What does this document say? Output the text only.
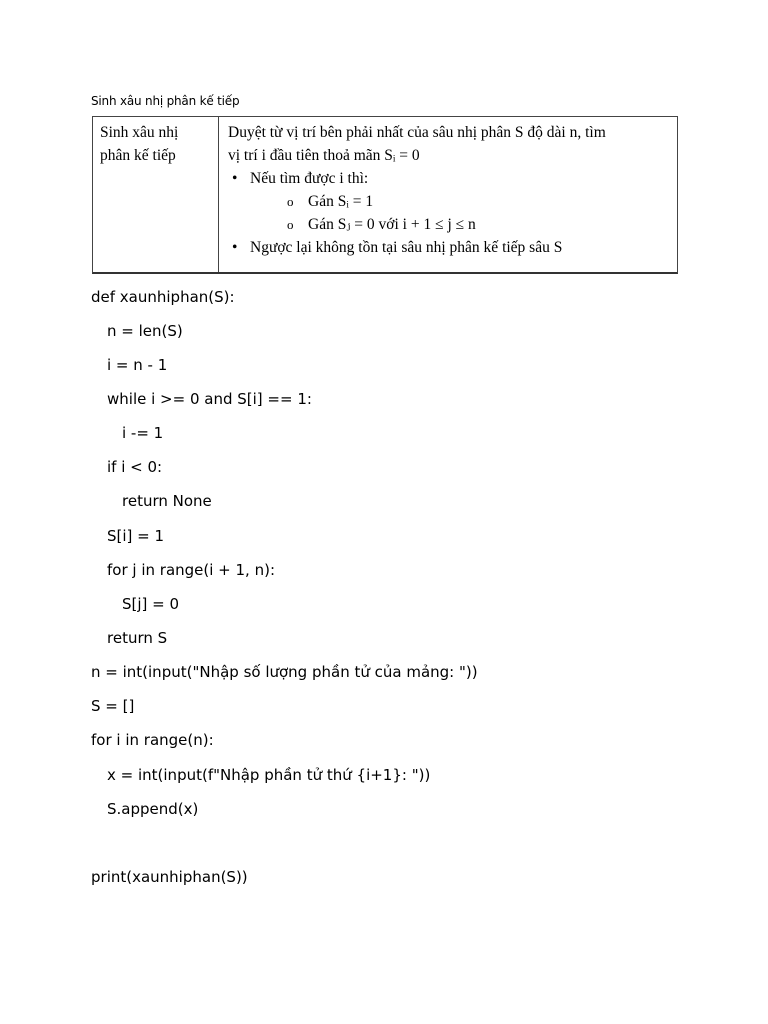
Sinh xâu nhị phân kế tiếp
Sinh xâu nhị
phân kế tiếp
Duyệt từ vị trí bên phải nhất của sâu nhị phân S độ dài n, tìm
vị trí i đầu tiên thoả mãn Sᵢ = 0
• Nếu tìm được i thì:
o Gán Sᵢ = 1
o Gán Sⱼ = 0 với i + 1 ≤ j ≤ n
• Ngược lại không tồn tại sâu nhị phân kế tiếp sâu S
def xaunhiphan(S):
n = len(S)
i = n - 1
while i >= 0 and S[i] == 1:
i -= 1
if i < 0:
return None
S[i] = 1
for j in range(i + 1, n):
S[j] = 0
return S
n = int(input("Nhập số lượng phần tử của mảng: "))
S = []
for i in range(n):
x = int(input(f"Nhập phần tử thứ {i+1}: "))
S.append(x)
print(xaunhiphan(S))
